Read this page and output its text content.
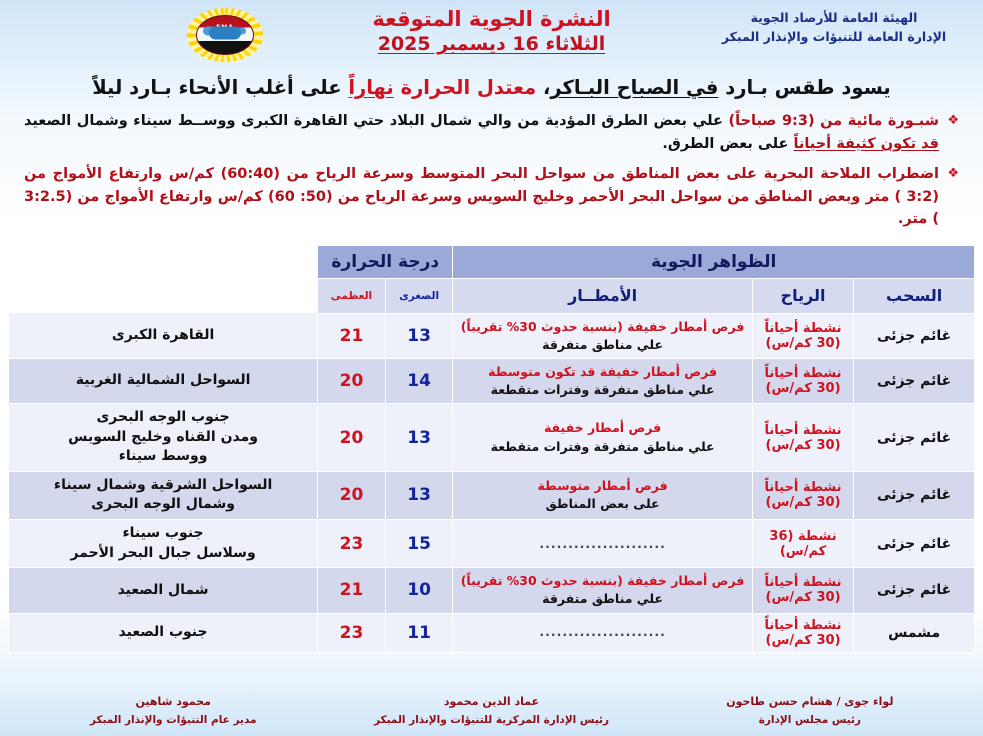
الهيئة العامة للأرصاد الجوية
الإدارة العامة للتنبؤات والإنذار المبكر
النشرة الجوية المتوقعة
الثلاثاء 16 ديسمبر 2025
يسود طقس بـارد في الصباح البـاكر، معتدل الحرارة نهاراً على أغلب الأنحاء بـارد ليلاً
❖
شبـورة مائية من (9:3 صباحاً) علي بعض الطرق المؤدية من والي شمال البلاد حتي القاهرة الكبرى ووســط سيناء وشمال الصعيد قد تكون كثيفة أحياناً على بعض الطرق.
❖
اضطراب الملاحة البحرية على بعض المناطق من سواحل البحر المتوسط وسرعة الرياح من (60:40) كم/س وارتفاع الأمواج من (3:2 ) متر وبعض المناطق من سواحل البحر الأحمر وخليج السويس وسرعة الرياح من (50: 60) كم/س وارتفاع الأمواج من (3:2.5 ) متر.
الظواهر الجوية			درجة الحرارة		
السحب	الرياح	الأمطــار	الصغرى	العظمى	
غائم جزئى	نشطة أحياناً (30 كم/س)	فرص أمطار خفيفة (بنسبة حدوث 30% تقريباً)
علي مناطق متفرقة	13	21	القاهرة الكبرى

غائم جزئى	نشطة أحياناً (30 كم/س)	فرص أمطار خفيفة قد تكون متوسطة
علي مناطق متفرقة وفترات متقطعة	14	20	السواحل الشمالية الغربية

غائم جزئى	نشطة أحياناً (30 كم/س)	
فرص أمطار خفيفة
علي مناطق متفرقة وفترات متقطعة
	13	20	
جنوب الوجه البحرى
ومدن القناه وخليج السويس
ووسط سيناء

غائم جزئى	نشطة أحياناً (30 كم/س)	
فرص أمطار متوسطة
على بعض المناطق
	13	20	
السواحل الشرقية وشمال سيناء
وشمال الوجه البحرى

غائم جزئى	نشطة (36 كم/س)	......................	15	23	جنوب سيناء
وسلاسل جبال البحر الأحمر

غائم جزئى	نشطة أحياناً (30 كم/س)	فرص أمطار خفيفة (بنسبة حدوث 30% تقريباً)
علي مناطق متفرقة	10	21	شمال الصعيد

مشمس	نشطة أحياناً (30 كم/س)	......................	11	23	جنوب الصعيد
لواء جوى / هشام حسن طاحون
رئيس مجلس الإدارة
عماد الدين محمود
رئيس الإدارة المركزية للتنبؤات والإنذار المبكر
محمود شاهين
مدير عام التنبؤات والإنذار المبكر
